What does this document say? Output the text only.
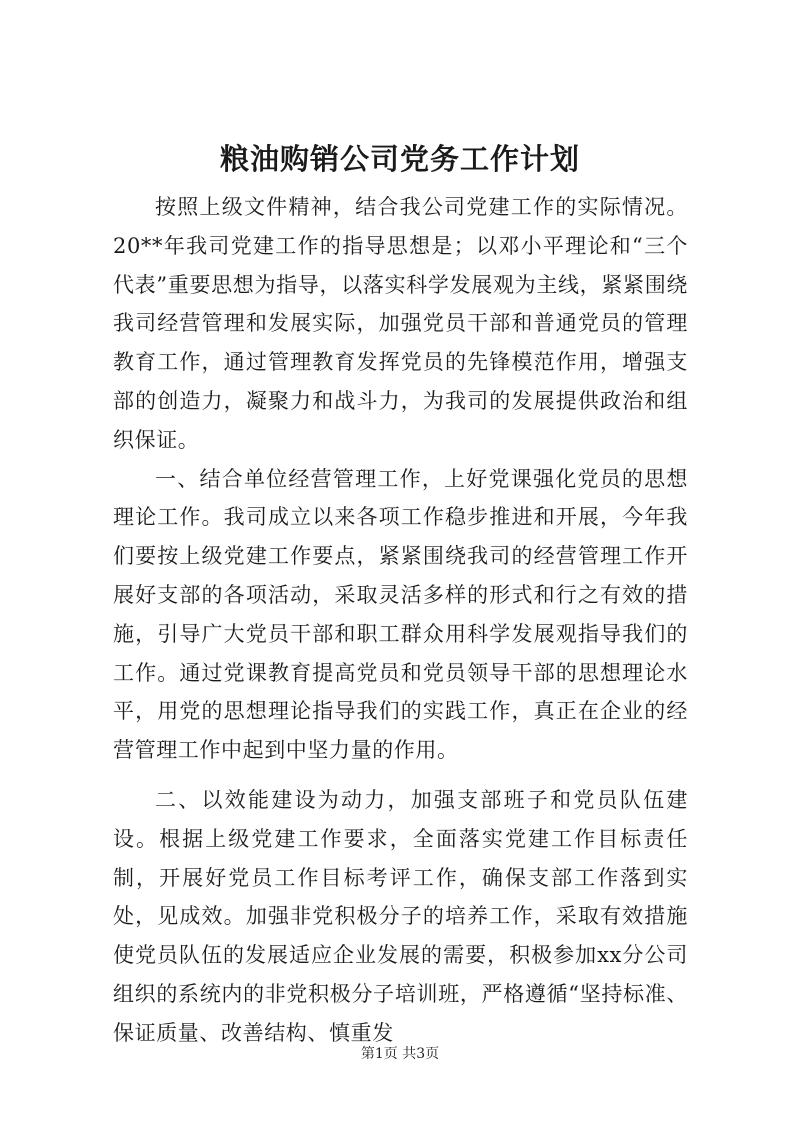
粮油购销公司党务工作计划

按照上级文件精神，结合我公司党建工作的实际情况。20**年我司党建工作的指导思想是；以邓小平理论和“三个代表”重要思想为指导，以落实科学发展观为主线，紧紧围绕我司经营管理和发展实际，加强党员干部和普通党员的管理教育工作，通过管理教育发挥党员的先锋模范作用，增强支部的创造力，凝聚力和战斗力，为我司的发展提供政治和组织保证。

一、结合单位经营管理工作，上好党课强化党员的思想理论工作。我司成立以来各项工作稳步推进和开展，今年我们要按上级党建工作要点，紧紧围绕我司的经营管理工作开展好支部的各项活动，采取灵活多样的形式和行之有效的措施，引导广大党员干部和职工群众用科学发展观指导我们的工作。通过党课教育提高党员和党员领导干部的思想理论水平，用党的思想理论指导我们的实践工作，真正在企业的经营管理工作中起到中坚力量的作用。

二、以效能建设为动力，加强支部班子和党员队伍建设。根据上级党建工作要求，全面落实党建工作目标责任制，开展好党员工作目标考评工作，确保支部工作落到实处，见成效。加强非党积极分子的培养工作，采取有效措施使党员队伍的发展适应企业发展的需要，积极参加xx分公司组织的系统内的非党积极分子培训班，严格遵循“坚持标准、保证质量、改善结构、慎重发

第1页 共3页
